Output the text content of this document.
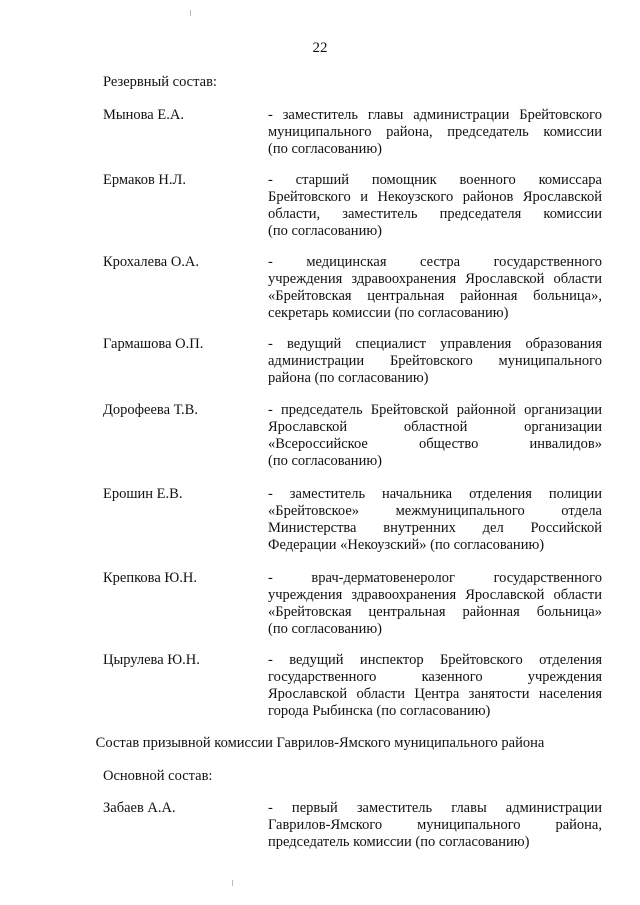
22
Резервный состав:
Мынова Е.А.	- заместитель главы администрации Брейтовского
муниципального района, председатель комиссии
(по согласованию)
Ермаков Н.Л.	- старший помощник военного комиссара
Брейтовского и Некоузского районов Ярославской
области, заместитель председателя комиссии
(по согласованию)
Крохалева О.А.	- медицинская сестра государственного
учреждения здравоохранения Ярославской области
«Брейтовская центральная районная больница»,
секретарь комиссии (по согласованию)
Гармашова О.П.	- ведущий специалист управления образования
администрации Брейтовского муниципального
района (по согласованию)
Дорофеева Т.В.	- председатель Брейтовской районной организации
Ярославской областной организации
«Всероссийское общество инвалидов»
(по согласованию)
Ерошин Е.В.	- заместитель начальника отделения полиции
«Брейтовское» межмуниципального отдела
Министерства внутренних дел Российской
Федерации «Некоузский» (по согласованию)
Крепкова Ю.Н.	- врач-дерматовенеролог государственного
учреждения здравоохранения Ярославской области
«Брейтовская центральная районная больница»
(по согласованию)
Цырулева Ю.Н.	- ведущий инспектор Брейтовского отделения
государственного казенного учреждения
Ярославской области Центра занятости населения
города Рыбинска (по согласованию)
Состав призывной комиссии Гаврилов-Ямского муниципального района
Основной состав:
Забаев А.А.	- первый заместитель главы администрации
Гаврилов-Ямского муниципального района,
председатель комиссии (по согласованию)
